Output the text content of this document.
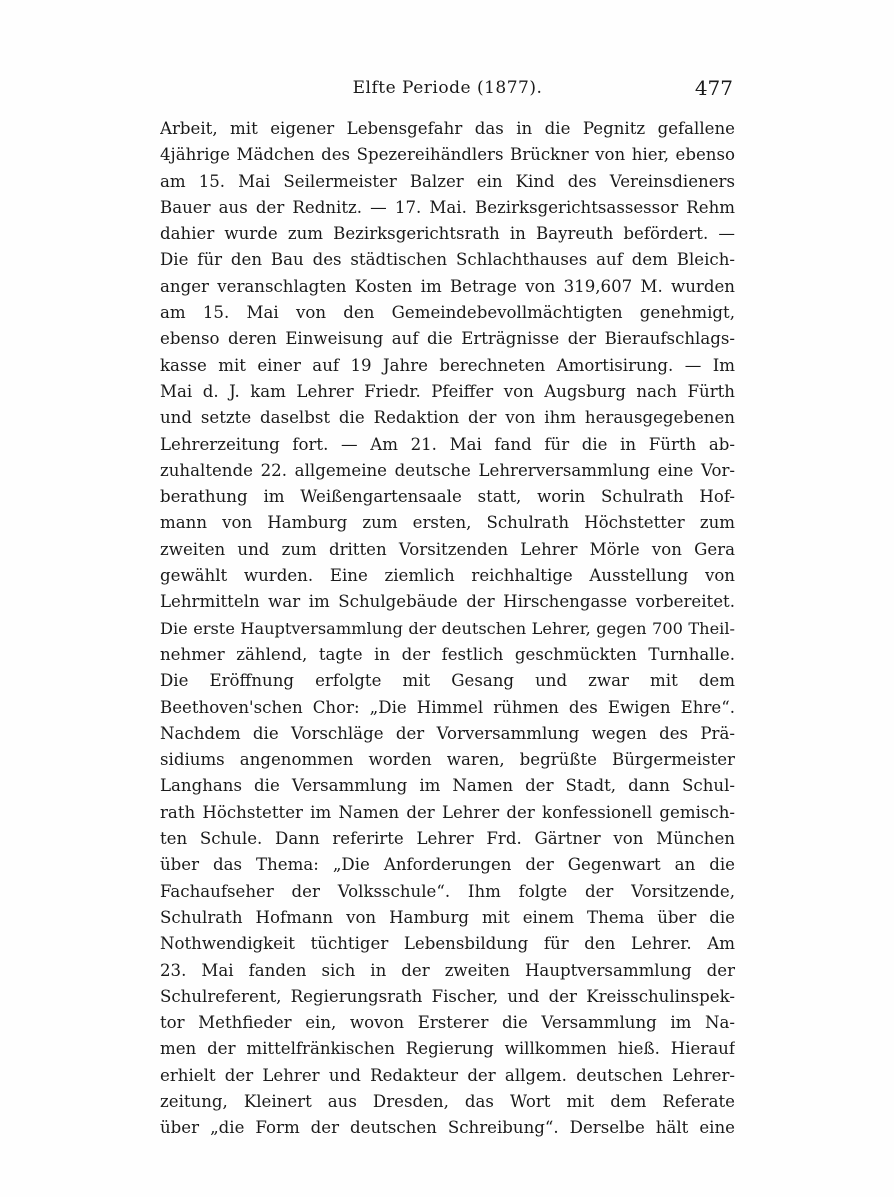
Elfte Periode (1877).	477
Arbeit, mit eigener Lebensgefahr das in die Pegnitz gefallene
4jährige Mädchen des Spezereihändlers Brückner von hier, ebenso
am 15. Mai Seilermeister Balzer ein Kind des Vereinsdieners
Bauer aus der Rednitz. — 17. Mai. Bezirksgerichtsassessor Rehm
dahier wurde zum Bezirksgerichtsrath in Bayreuth befördert. —
Die für den Bau des städtischen Schlachthauses auf dem Bleich-
anger veranschlagten Kosten im Betrage von 319,607 M. wurden
am 15. Mai von den Gemeindebevollmächtigten genehmigt,
ebenso deren Einweisung auf die Erträgnisse der Bieraufschlags-
kasse mit einer auf 19 Jahre berechneten Amortisirung. — Im
Mai d. J. kam Lehrer Friedr. Pfeiffer von Augsburg nach Fürth
und setzte daselbst die Redaktion der von ihm herausgegebenen
Lehrerzeitung fort. — Am 21. Mai fand für die in Fürth ab-
zuhaltende 22. allgemeine deutsche Lehrerversammlung eine Vor-
berathung im Weißengartensaale statt, worin Schulrath Hof-
mann von Hamburg zum ersten, Schulrath Höchstetter zum
zweiten und zum dritten Vorsitzenden Lehrer Mörle von Gera
gewählt wurden. Eine ziemlich reichhaltige Ausstellung von
Lehrmitteln war im Schulgebäude der Hirschengasse vorbereitet.
Die erste Hauptversammlung der deutschen Lehrer, gegen 700 Theil-
nehmer zählend, tagte in der festlich geschmückten Turnhalle.
Die Eröffnung erfolgte mit Gesang und zwar mit dem
Beethoven'schen Chor: „Die Himmel rühmen des Ewigen Ehre“.
Nachdem die Vorschläge der Vorversammlung wegen des Prä-
sidiums angenommen worden waren, begrüßte Bürgermeister
Langhans die Versammlung im Namen der Stadt, dann Schul-
rath Höchstetter im Namen der Lehrer der konfessionell gemisch-
ten Schule. Dann referirte Lehrer Frd. Gärtner von München
über das Thema: „Die Anforderungen der Gegenwart an die
Fachaufseher der Volksschule“. Ihm folgte der Vorsitzende,
Schulrath Hofmann von Hamburg mit einem Thema über die
Nothwendigkeit tüchtiger Lebensbildung für den Lehrer. Am
23. Mai fanden sich in der zweiten Hauptversammlung der
Schulreferent, Regierungsrath Fischer, und der Kreisschulinspek-
tor Methfieder ein, wovon Ersterer die Versammlung im Na-
men der mittelfränkischen Regierung willkommen hieß. Hierauf
erhielt der Lehrer und Redakteur der allgem. deutschen Lehrer-
zeitung, Kleinert aus Dresden, das Wort mit dem Referate
über „die Form der deutschen Schreibung“. Derselbe hält eine
